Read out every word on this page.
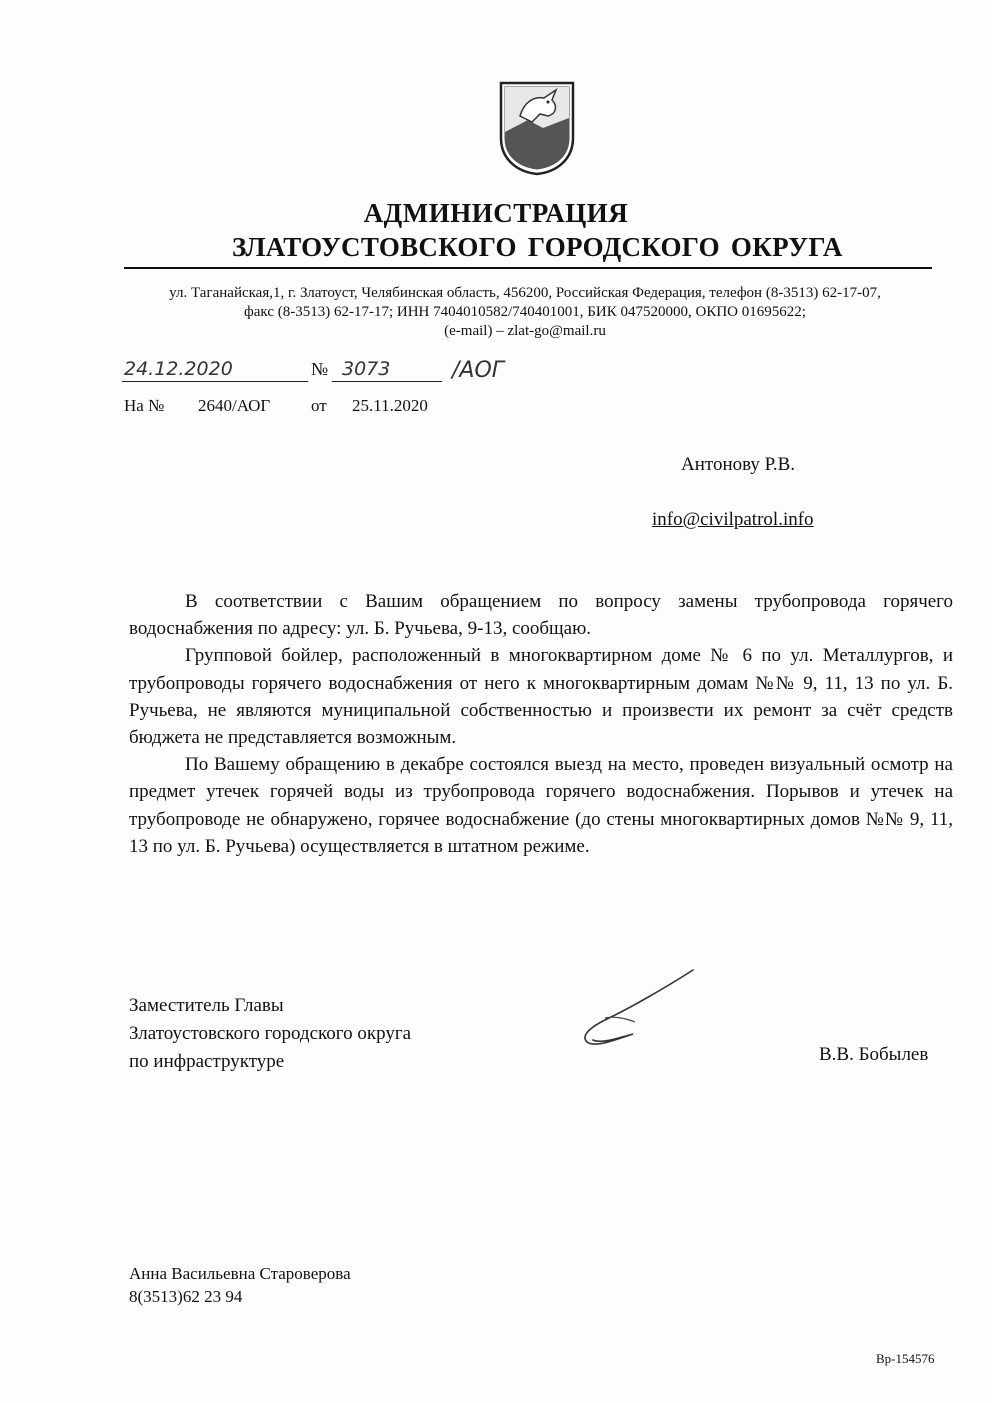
АДМИНИСТРАЦИЯ
ЗЛАТОУСТОВСКОГО ГОРОДСКОГО ОКРУГА
ул. Таганайская,1, г. Златоуст, Челябинская область, 456200, Российская Федерация, телефон (8-3513) 62-17-07,
факс (8-3513) 62-17-17; ИНН 7404010582/740401001, БИК 047520000, ОКПО 01695622;
(e-mail) – zlat-go@mail.ru
24.12.2020	№ 3073	/АОГ
На № 2640/АОГ от 25.11.2020
Антонову Р.В.
info@civilpatrol.info

В соответствии с Вашим обращением по вопросу замены трубопровода горячего водоснабжения по адресу: ул. Б. Ручьева, 9-13, сообщаю.

Групповой бойлер, расположенный в многоквартирном доме № 6 по ул. Металлургов, и трубопроводы горячего водоснабжения от него к многоквартирным домам №№ 9, 11, 13 по ул. Б. Ручьева, не являются муниципальной собственностью и произвести их ремонт за счёт средств бюджета не представляется возможным.

По Вашему обращению в декабре состоялся выезд на место, проведен визуальный осмотр на предмет утечек горячей воды из трубопровода горячего водоснабжения. Порывов и утечек на трубопроводе не обнаружено, горячее водоснабжение (до стены многоквартирных домов №№ 9, 11, 13 по ул. Б. Ручьева) осуществляется в штатном режиме.

Заместитель Главы
Златоустовского городского округа
по инфраструктуре	В.В. Бобылев
Анна Васильевна Староверова
8(3513)62 23 94
Вр-154576
